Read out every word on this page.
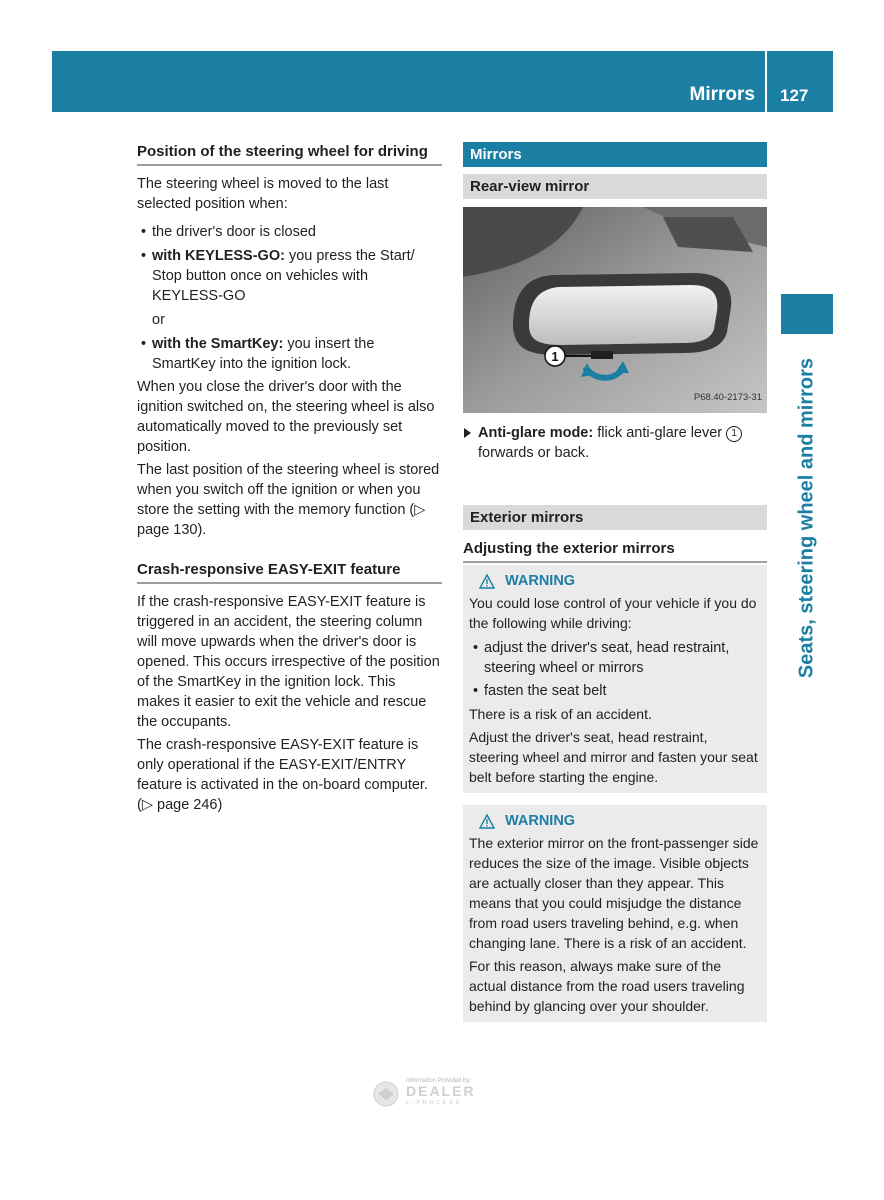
Mirrors 127
Seats, steering wheel and mirrors
Position of the steering wheel for driving

The steering wheel is moved to the last selected position when:

• the driver's door is closed
• with KEYLESS-GO: you press the Start/ Stop button once on vehicles with KEYLESS-GO
or
• with the SmartKey: you insert the SmartKey into the ignition lock.

When you close the driver's door with the ignition switched on, the steering wheel is also automatically moved to the previously set position.

The last position of the steering wheel is stored when you switch off the ignition or when you store the setting with the memory function (▷ page 130).

Crash-responsive EASY-EXIT feature

If the crash-responsive EASY-EXIT feature is triggered in an accident, the steering column will move upwards when the driver's door is opened. This occurs irrespective of the position of the SmartKey in the ignition lock. This makes it easier to exit the vehicle and rescue the occupants.

The crash-responsive EASY-EXIT feature is only operational if the EASY-EXIT/ENTRY feature is activated in the on-board computer. (▷ page 246)

Mirrors
Rear-view mirror
1
P68.40-2173-31
Anti-glare mode: flick anti-glare lever 1 forwards or back.
Exterior mirrors
Adjusting the exterior mirrors
WARNING

You could lose control of your vehicle if you do the following while driving:

• adjust the driver's seat, head restraint, steering wheel or mirrors
• fasten the seat belt

There is a risk of an accident.

Adjust the driver's seat, head restraint, steering wheel and mirror and fasten your seat belt before starting the engine.

WARNING

The exterior mirror on the front-passenger side reduces the size of the image. Visible objects are actually closer than they appear. This means that you could misjudge the distance from road users traveling behind, e.g. when changing lane. There is a risk of an accident.

For this reason, always make sure of the actual distance from the road users traveling behind by glancing over your shoulder.

Information Provided by:
DEALER
e-PROCESS
